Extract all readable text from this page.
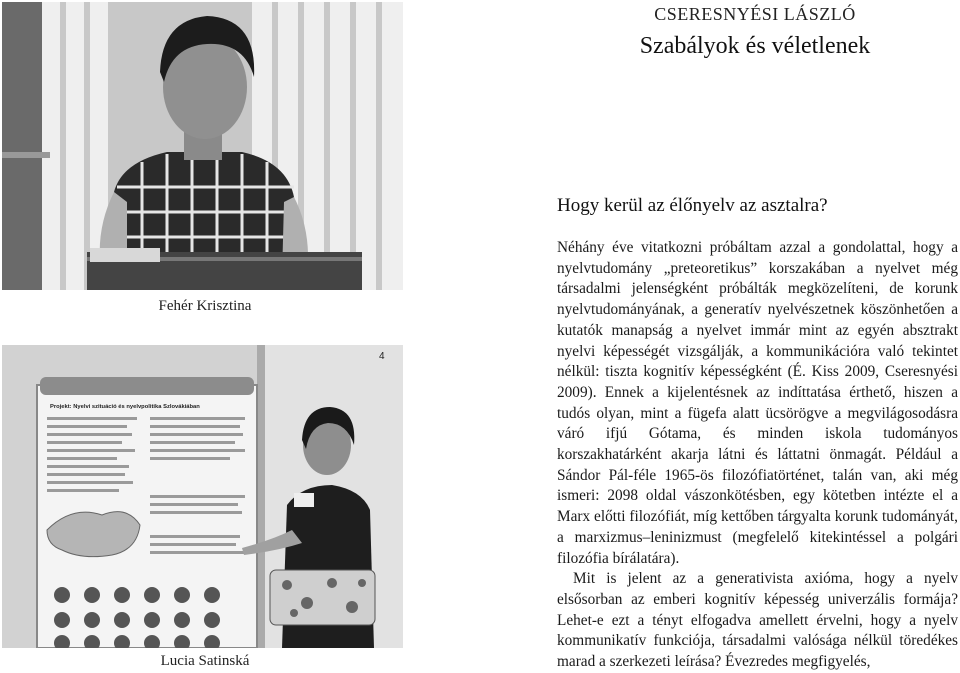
Fehér Krisztina
4
Projekt: Nyelvi szituáció és nyelvpolitika Szlovákiában
Lucia Satinská
CSERESNYÉSI LÁSZLÓ
Szabályok és véletlenek
Hogy kerül az élőnyelv az asztalra?

Néhány éve vitatkozni próbáltam azzal a gondolattal, hogy a nyelvtudomány „preteoretikus” korszakában a nyelvet még társadalmi jelenségként próbálták megközelíteni, de korunk nyelvtudományának, a generatív nyelvészetnek köszönhetően a kutatók manapság a nyelvet immár mint az egyén absztrakt nyelvi képességét vizsgálják, a kommunikációra való tekintet nélkül: tiszta kognitív képességként (É. Kiss 2009, Cseresnyési 2009). Ennek a kijelentésnek az indíttatása érthető, hiszen a tudós olyan, mint a fügefa alatt ücsörögve a megvilágosodásra váró ifjú Gótama, és minden iskola tudományos korszakhatárként akarja látni és láttatni önmagát. Például a Sándor Pál-féle 1965-ös filozófiatörténet, talán van, aki még ismeri: 2098 oldal vászonkötésben, egy kötetben intézte el a Marx előtti filozófiát, míg kettőben tárgyalta korunk tudományát, a marxizmus–leninizmust (megfelelő kitekintéssel a polgári filozófia bírálatára).

Mit is jelent az a generativista axióma, hogy a nyelv elsősorban az emberi kognitív képesség univerzális formája? Lehet-e ezt a tényt elfogadva amellett érvelni, hogy a nyelv kommunikatív funkciója, társadalmi valósága nélkül töredékes marad a szerkezeti leírása? Évezredes megfigyelés,
